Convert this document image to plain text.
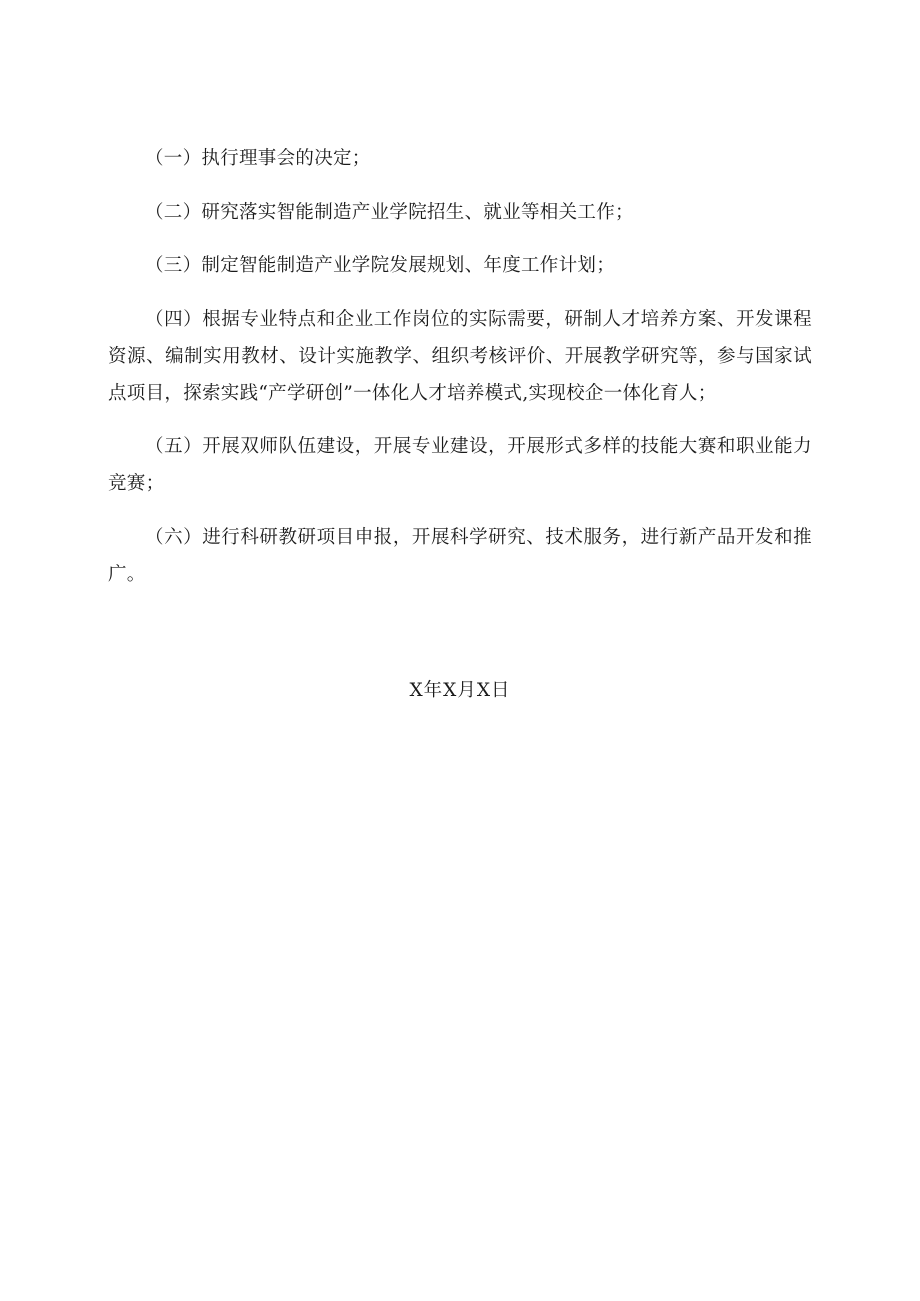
（一）执行理事会的决定；

（二）研究落实智能制造产业学院招生、就业等相关工作；

（三）制定智能制造产业学院发展规划、年度工作计划；

（四）根据专业特点和企业工作岗位的实际需要，研制人才培养方案、开发课程资源、编制实用教材、设计实施教学、组织考核评价、开展教学研究等，参与国家试点项目，探索实践“产学研创”一体化人才培养模式,实现校企一体化育人；

（五）开展双师队伍建设，开展专业建设，开展形式多样的技能大赛和职业能力竞赛；

（六）进行科研教研项目申报，开展科学研究、技术服务，进行新产品开发和推广。

X年X月X日
